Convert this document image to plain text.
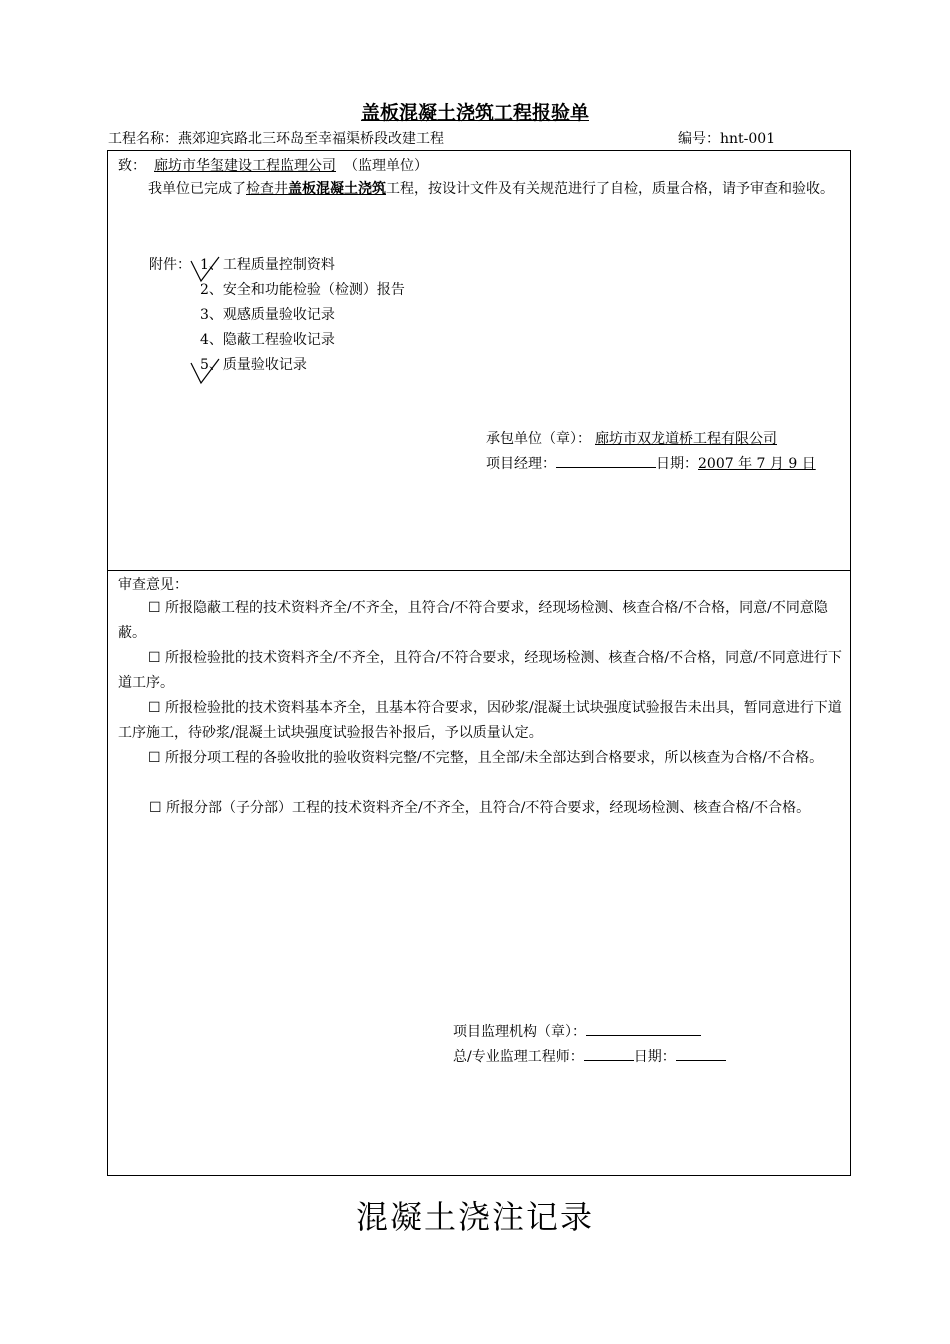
盖板混凝土浇筑工程报验单
工程名称：燕郊迎宾路北三环岛至幸福渠桥段改建工程	编号：hnt-001
致： 廊坊市华玺建设工程监理公司 （监理单位）
我单位已完成了检查井盖板混凝土浇筑工程，按设计文件及有关规范进行了自检，质量合格，请予审查和验收。
附件： 1、工程质量控制资料
2、安全和功能检验（检测）报告
3、观感质量验收记录
4、隐蔽工程验收记录
5、质量验收记录
承包单位（章）： 廊坊市双龙道桥工程有限公司
项目经理：	日期：2007 年 7 月 9 日
审查意见：
☐ 所报隐蔽工程的技术资料齐全/不齐全，且符合/不符合要求，经现场检测、核查合格/不合格，同意/不同意隐蔽。
☐ 所报检验批的技术资料齐全/不齐全，且符合/不符合要求，经现场检测、核查合格/不合格，同意/不同意进行下道工序。
☐ 所报检验批的技术资料基本齐全，且基本符合要求，因砂浆/混凝土试块强度试验报告未出具，暂同意进行下道工序施工，待砂浆/混凝土试块强度试验报告补报后，予以质量认定。
☐ 所报分项工程的各验收批的验收资料完整/不完整，且全部/未全部达到合格要求，所以核查为合格/不合格。
☐ 所报分部（子分部）工程的技术资料齐全/不齐全，且符合/不符合要求，经现场检测、核查合格/不合格。
项目监理机构（章）：
总/专业监理工程师：	日期：
混凝土浇注记录
